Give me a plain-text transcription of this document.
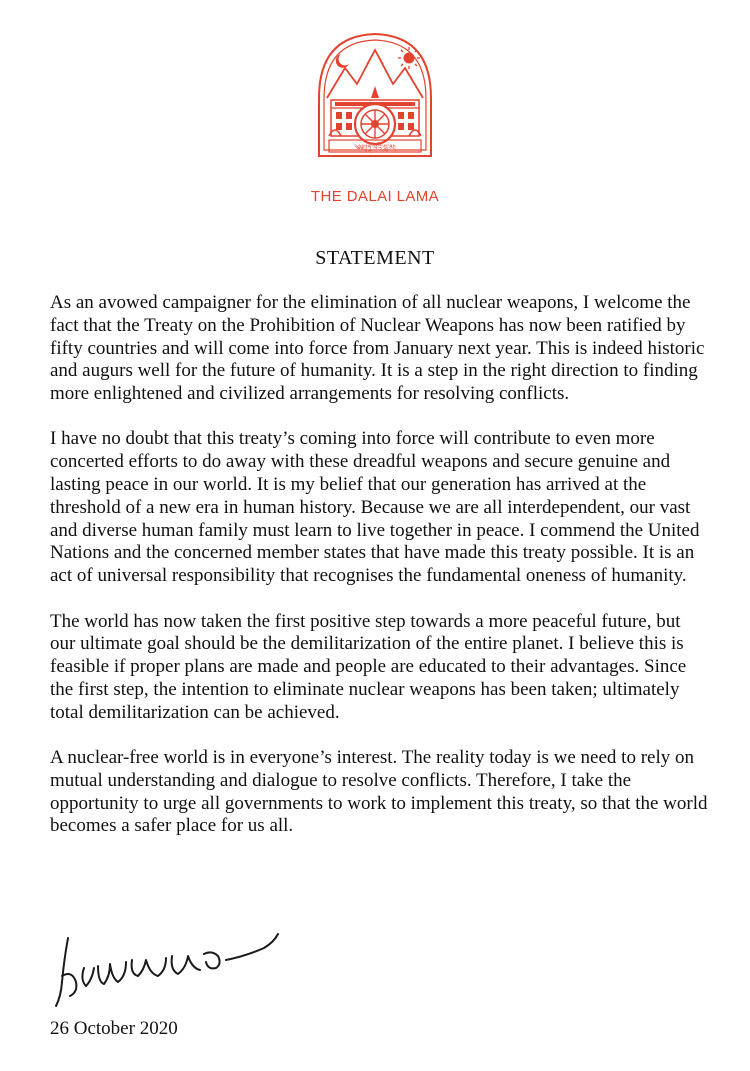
༄༅།།ཏཱ་ལའི་བླ་མ།
THE DALAI LAMA
STATEMENT

As an avowed campaigner for the elimination of all nuclear weapons, I welcome the fact that the Treaty on the Prohibition of Nuclear Weapons has now been ratified by fifty countries and will come into force from January next year. This is indeed historic and augurs well for the future of humanity. It is a step in the right direction to finding more enlightened and civilized arrangements for resolving conflicts.

I have no doubt that this treaty’s coming into force will contribute to even more concerted efforts to do away with these dreadful weapons and secure genuine and lasting peace in our world. It is my belief that our generation has arrived at the threshold of a new era in human history. Because we are all interdependent, our vast and diverse human family must learn to live together in peace. I commend the United Nations and the concerned member states that have made this treaty possible. It is an act of universal responsibility that recognises the fundamental oneness of humanity.

The world has now taken the first positive step towards a more peaceful future, but our ultimate goal should be the demilitarization of the entire planet. I believe this is feasible if proper plans are made and people are educated to their advantages. Since the first step, the intention to eliminate nuclear weapons has been taken; ultimately total demilitarization can be achieved.

A nuclear-free world is in everyone’s interest. The reality today is we need to rely on mutual understanding and dialogue to resolve conflicts. Therefore, I take the opportunity to urge all governments to work to implement this treaty, so that the world becomes a safer place for us all.

26 October 2020
